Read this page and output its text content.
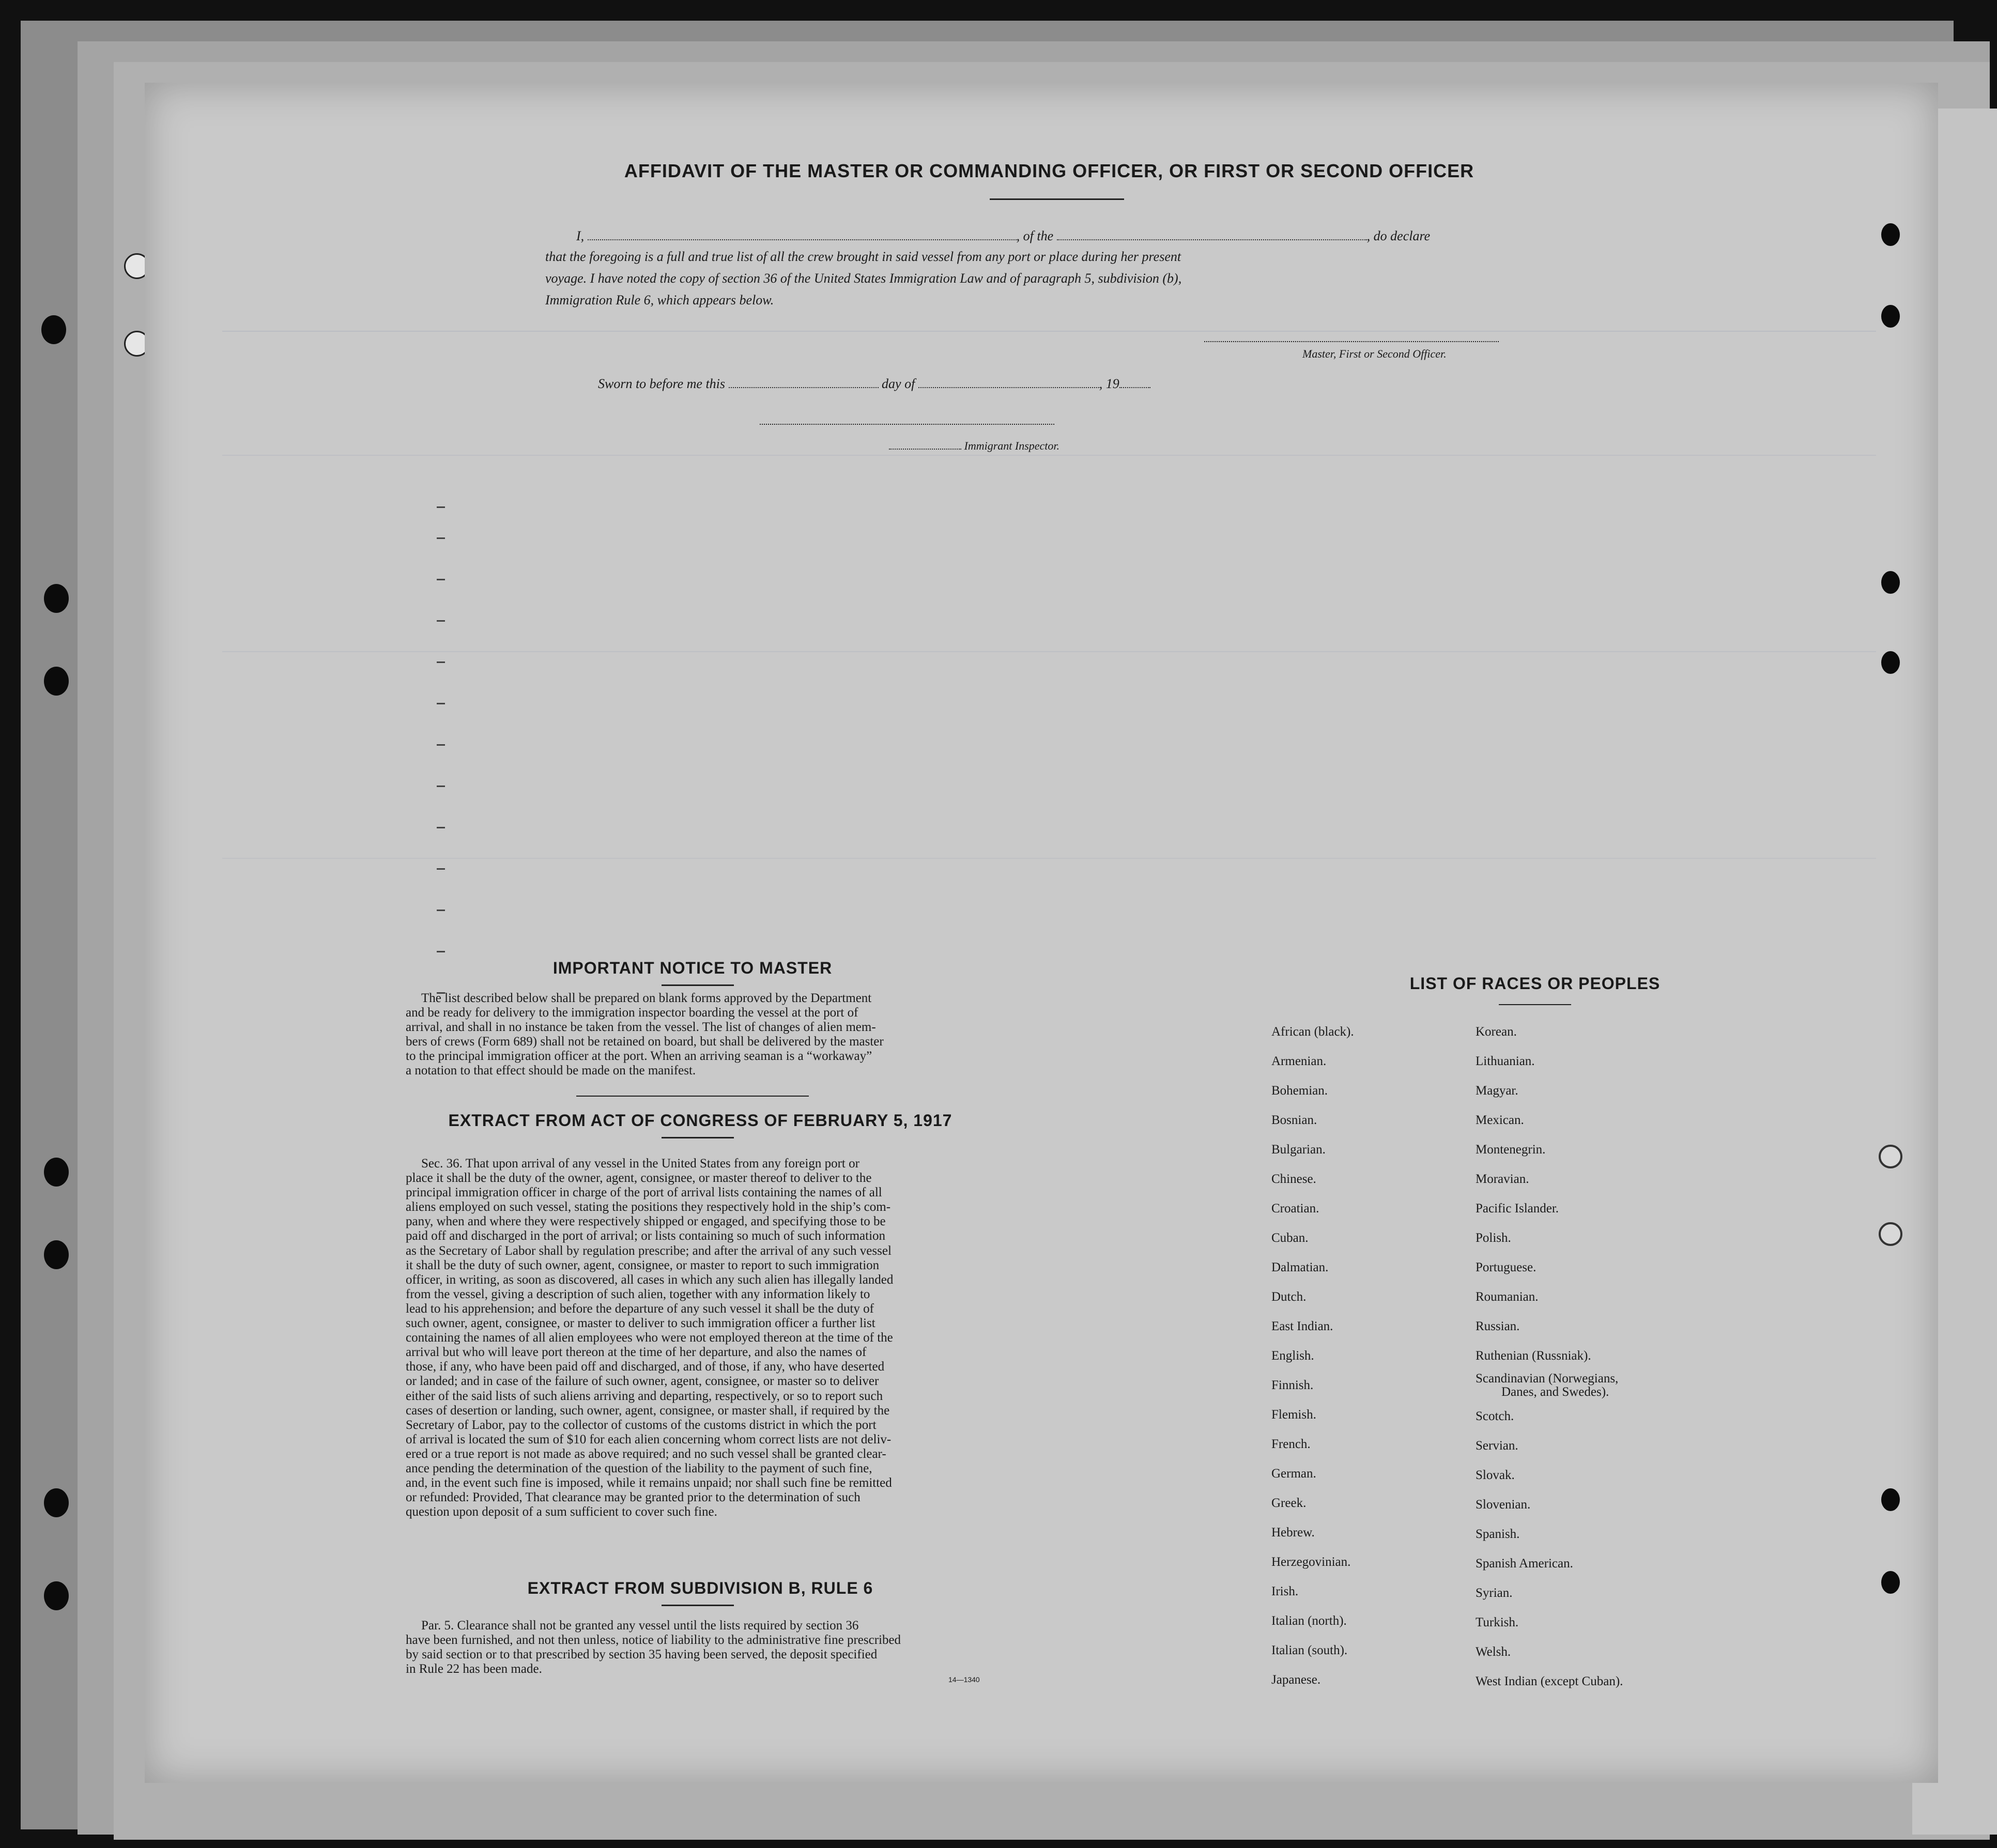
AFFIDAVIT OF THE MASTER OR COMMANDING OFFICER, OR FIRST OR SECOND OFFICER
I,	, of the	, do declare
that the foregoing is a full and true list of all the crew brought in said vessel from any port or place during her present
voyage. I have noted the copy of section 36 of the United States Immigration Law and of paragraph 5, subdivision (b),
Immigration Rule 6, which appears below.
Master, First or Second Officer.
Sworn to before me this	day of	, 19
Immigrant Inspector.
IMPORTANT NOTICE TO MASTER
The list described below shall be prepared on blank forms approved by the Department
and be ready for delivery to the immigration inspector boarding the vessel at the port of
arrival, and shall in no instance be taken from the vessel. The list of changes of alien mem-
bers of crews (Form 689) shall not be retained on board, but shall be delivered by the master
to the principal immigration officer at the port. When an arriving seaman is a “workaway”
a notation to that effect should be made on the manifest.
EXTRACT FROM ACT OF CONGRESS OF FEBRUARY 5, 1917
Sec. 36. That upon arrival of any vessel in the United States from any foreign port or
place it shall be the duty of the owner, agent, consignee, or master thereof to deliver to the
principal immigration officer in charge of the port of arrival lists containing the names of all
aliens employed on such vessel, stating the positions they respectively hold in the ship’s com-
pany, when and where they were respectively shipped or engaged, and specifying those to be
paid off and discharged in the port of arrival; or lists containing so much of such information
as the Secretary of Labor shall by regulation prescribe; and after the arrival of any such vessel
it shall be the duty of such owner, agent, consignee, or master to report to such immigration
officer, in writing, as soon as discovered, all cases in which any such alien has illegally landed
from the vessel, giving a description of such alien, together with any information likely to
lead to his apprehension; and before the departure of any such vessel it shall be the duty of
such owner, agent, consignee, or master to deliver to such immigration officer a further list
containing the names of all alien employees who were not employed thereon at the time of the
arrival but who will leave port thereon at the time of her departure, and also the names of
those, if any, who have been paid off and discharged, and of those, if any, who have deserted
or landed; and in case of the failure of such owner, agent, consignee, or master so to deliver
either of the said lists of such aliens arriving and departing, respectively, or so to report such
cases of desertion or landing, such owner, agent, consignee, or master shall, if required by the
Secretary of Labor, pay to the collector of customs of the customs district in which the port
of arrival is located the sum of $10 for each alien concerning whom correct lists are not deliv-
ered or a true report is not made as above required; and no such vessel shall be granted clear-
ance pending the determination of the question of the liability to the payment of such fine,
and, in the event such fine is imposed, while it remains unpaid; nor shall such fine be remitted
or refunded: Provided, That clearance may be granted prior to the determination of such
question upon deposit of a sum sufficient to cover such fine.
EXTRACT FROM SUBDIVISION B, RULE 6
Par. 5. Clearance shall not be granted any vessel until the lists required by section 36
have been furnished, and not then unless, notice of liability to the administrative fine prescribed
by said section or to that prescribed by section 35 having been served, the deposit specified
in Rule 22 has been made.
14—1340
LIST OF RACES OR PEOPLES
African (black).
Armenian.
Bohemian.
Bosnian.
Bulgarian.
Chinese.
Croatian.
Cuban.
Dalmatian.
Dutch.
East Indian.
English.
Finnish.
Flemish.
French.
German.
Greek.
Hebrew.
Herzegovinian.
Irish.
Italian (north).
Italian (south).
Japanese.
Korean.
Lithuanian.
Magyar.
Mexican.
Montenegrin.
Moravian.
Pacific Islander.
Polish.
Portuguese.
Roumanian.
Russian.
Ruthenian (Russniak).
Scandinavian (Norwegians,
Danes, and Swedes).
Scotch.
Servian.
Slovak.
Slovenian.
Spanish.
Spanish American.
Syrian.
Turkish.
Welsh.
West Indian (except Cuban).
